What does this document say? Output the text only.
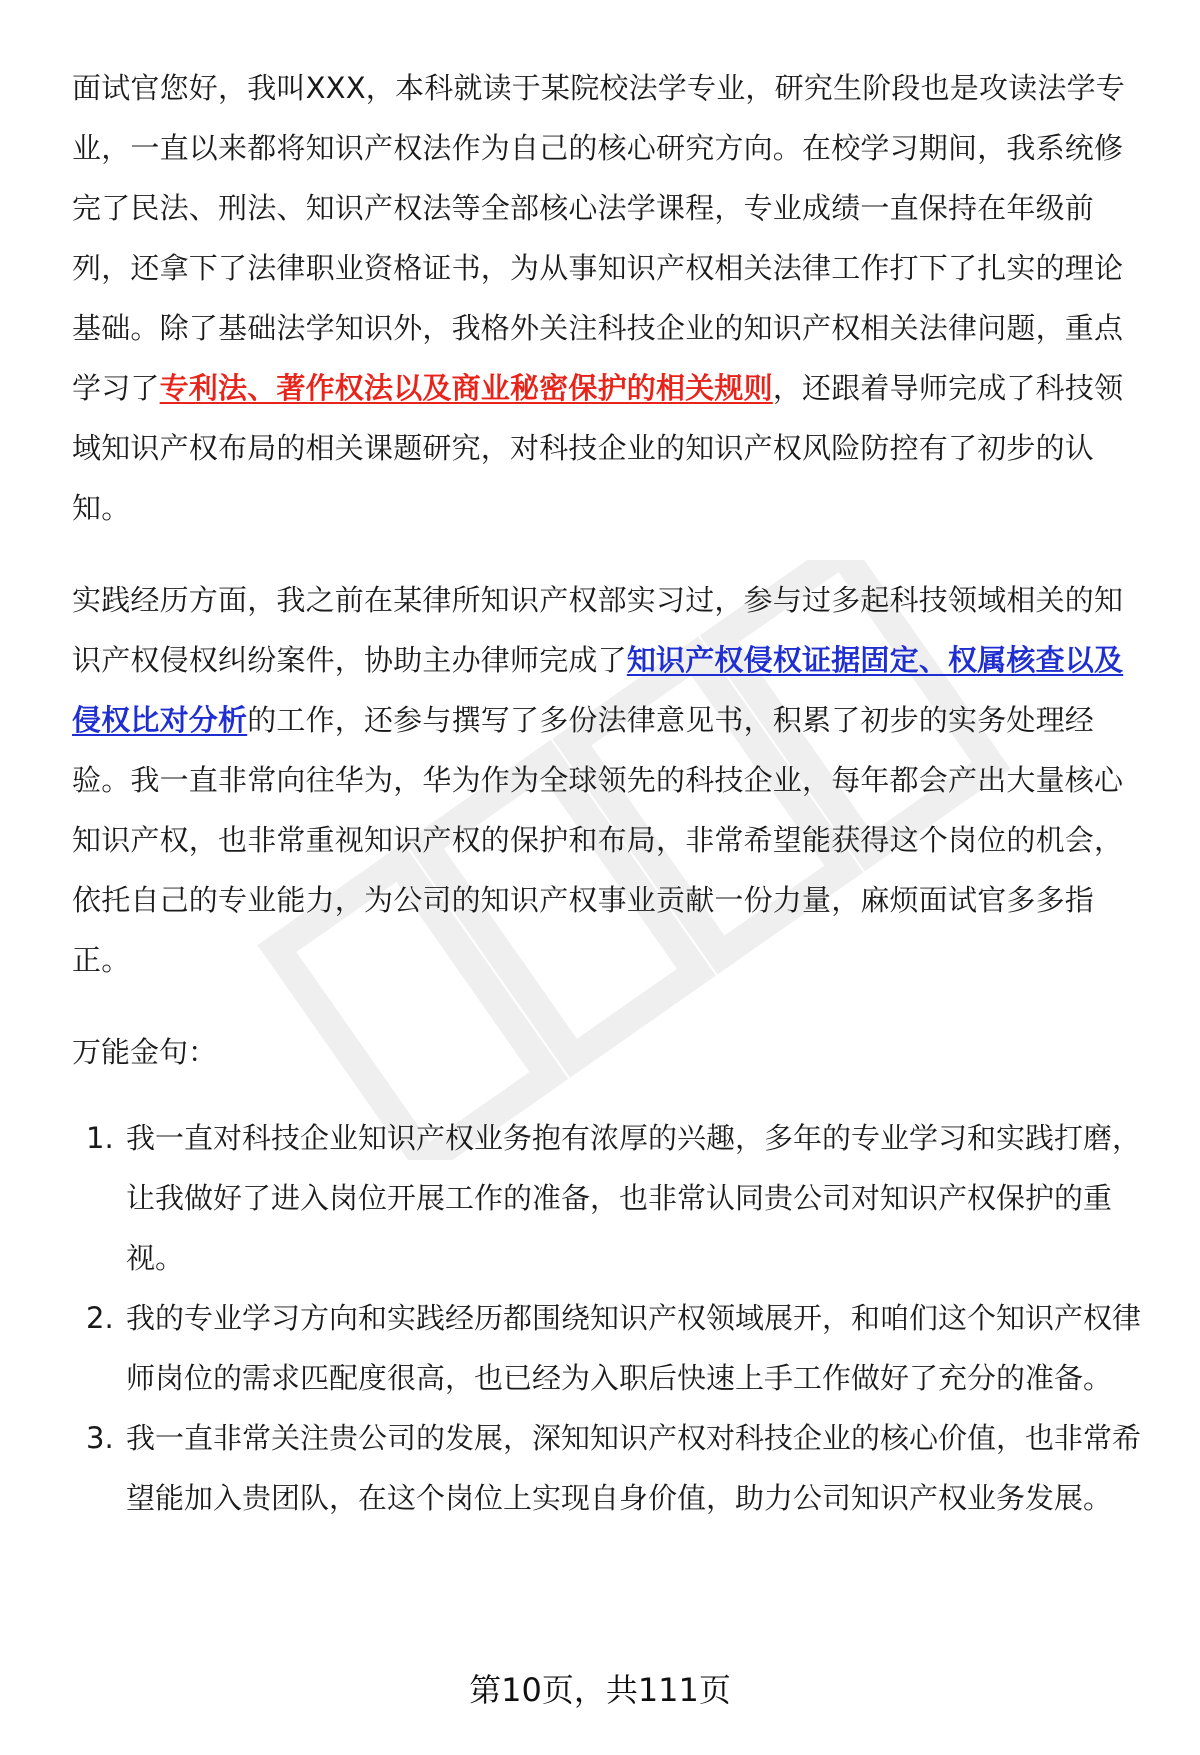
面试官您好，我叫XXX，本科就读于某院校法学专业，研究生阶段也是攻读法学专业，一直以来都将知识产权法作为自己的核心研究方向。在校学习期间，我系统修完了民法、刑法、知识产权法等全部核心法学课程，专业成绩一直保持在年级前列，还拿下了法律职业资格证书，为从事知识产权相关法律工作打下了扎实的理论基础。除了基础法学知识外，我格外关注科技企业的知识产权相关法律问题，重点学习了专利法、著作权法以及商业秘密保护的相关规则，还跟着导师完成了科技领域知识产权布局的相关课题研究，对科技企业的知识产权风险防控有了初步的认知。

实践经历方面，我之前在某律所知识产权部实习过，参与过多起科技领域相关的知识产权侵权纠纷案件，协助主办律师完成了知识产权侵权证据固定、权属核查以及侵权比对分析的工作，还参与撰写了多份法律意见书，积累了初步的实务处理经验。我一直非常向往华为，华为作为全球领先的科技企业，每年都会产出大量核心知识产权，也非常重视知识产权的保护和布局，非常希望能获得这个岗位的机会，依托自己的专业能力，为公司的知识产权事业贡献一份力量，麻烦面试官多多指正。

万能金句：
1. 我一直对科技企业知识产权业务抱有浓厚的兴趣，多年的专业学习和实践打磨，让我做好了进入岗位开展工作的准备，也非常认同贵公司对知识产权保护的重视。
2. 我的专业学习方向和实践经历都围绕知识产权领域展开，和咱们这个知识产权律师岗位的需求匹配度很高，也已经为入职后快速上手工作做好了充分的准备。
3. 我一直非常关注贵公司的发展，深知知识产权对科技企业的核心价值，也非常希望能加入贵团队，在这个岗位上实现自身价值，助力公司知识产权业务发展。
第10页，共111页
